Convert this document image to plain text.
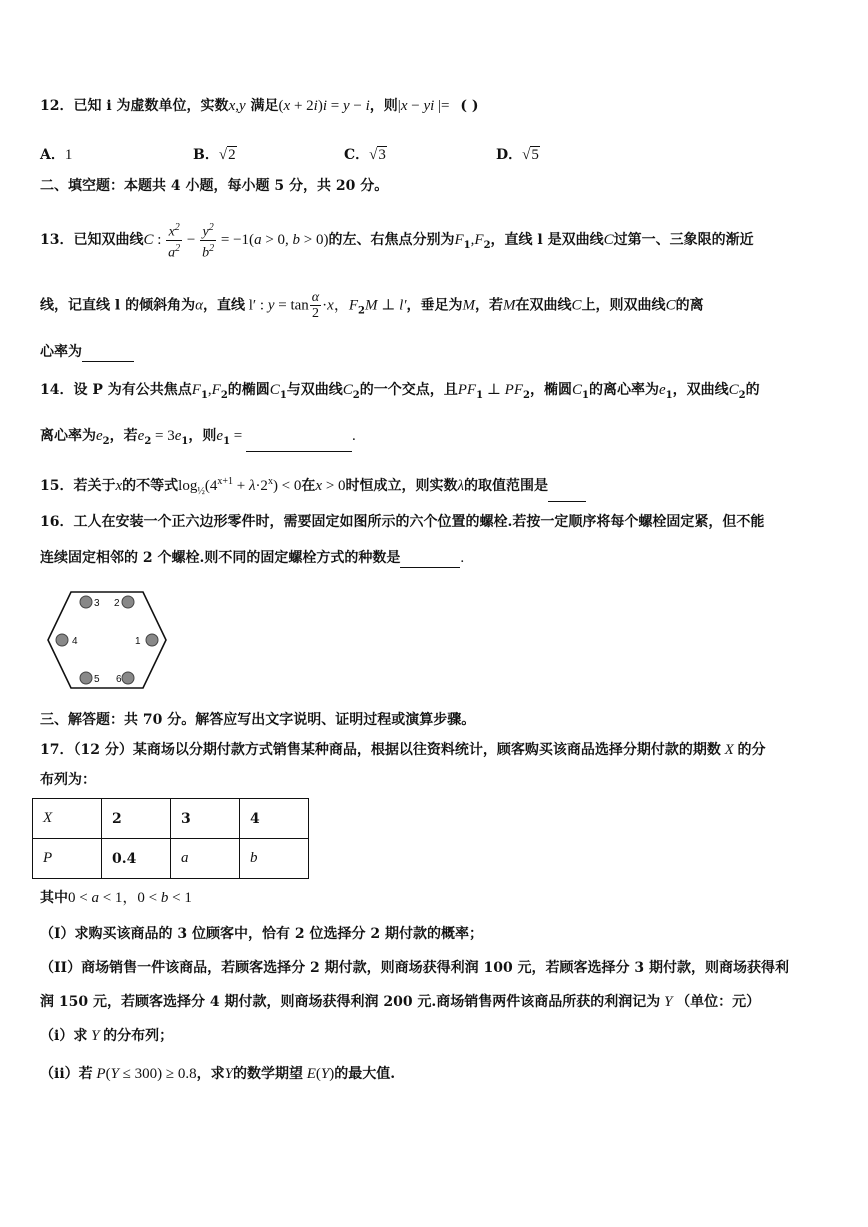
12．已知 i 为虚数单位，实数x,y 满足(x + 2i)i = y − i，则|x − yi |= ( )
A．1	B．√2	C．√3	D．√5
二、填空题：本题共 4 小题，每小题 5 分，共 20 分。
13．已知双曲线C : $\frac{x^2}{a^2} - \frac{y^2}{b^2} = -1(a > 0$, b > 0)的左、右焦点分别为$F_1,F_2$，直线 l 是双曲线C过第一、三象限的渐近
线，记直线 l 的倾斜角为α，直线 l′ : $y = \tan \frac{\alpha}{2} \cdot x$，$F_2M$ ⊥ l′，垂足为M，若M在双曲线C上，则双曲线C的离
心率为
14．设 P 为有公共焦点$F_1,F_2$的椭圆$C_1$与双曲线$C_2$的一个交点，且$PF_1$ ⊥ $PF_2$，椭圆$C_1$的离心率为$e_1$，双曲线$C_2$的
离心率为$e_2$，若$e_2 = 3e_1$，则$e_1$ =	.
15．若关于x的不等式$\log_{\frac{1}{2}}(4^{x+1} + \lambda\cdot 2^x) < 0$在x > 0时恒成立，则实数λ的取值范围是
16．工人在安装一个正六边形零件时，需要固定如图所示的六个位置的螺栓.若按一定顺序将每个螺栓固定紧，但不能
连续固定相邻的 2 个螺栓.则不同的固定螺栓方式的种数是	.
3 2
4	1
5 6
三、解答题：共 70 分。解答应写出文字说明、证明过程或演算步骤。
17．（12 分）某商场以分期付款方式销售某种商品，根据以往资料统计，顾客购买该商品选择分期付款的期数 X 的分
布列为：
X	2	3	4
P	0.4	a	b
其中0 < a < 1，0 < b < 1
（I）求购买该商品的 3 位顾客中，恰有 2 位选择分 2 期付款的概率；
（II）商场销售一件该商品，若顾客选择分 2 期付款，则商场获得利润 100 元，若顾客选择分 3 期付款，则商场获得利
润 150 元，若顾客选择分 4 期付款，则商场获得利润 200 元.商场销售两件该商品所获的利润记为 Y （单位：元）
（i）求 Y 的分布列；
（ii）若 P(Y ≤ 300) ≥ 0.8，求Y的数学期望 E(Y)的最大值.
